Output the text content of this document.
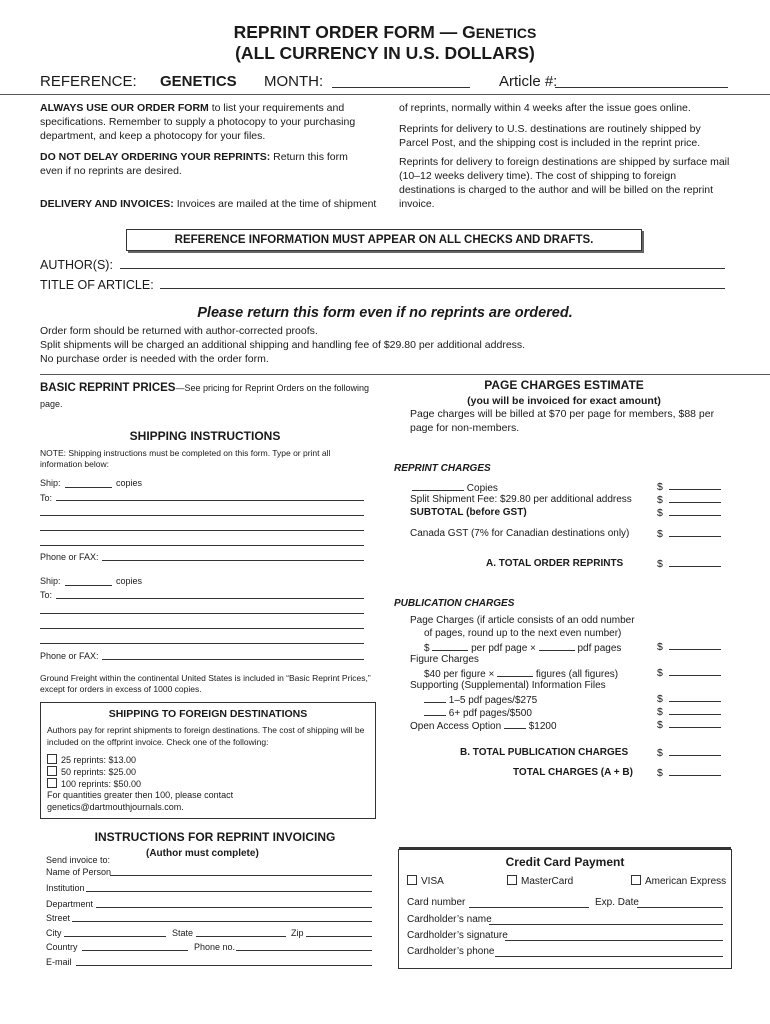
REPRINT ORDER FORM — GENETICS
(ALL CURRENCY IN U.S. DOLLARS)
REFERENCE: GENETICS MONTH:	Article #:
ALWAYS USE OUR ORDER FORM to list your requirements and specifications. Remember to supply a photocopy to your purchasing department, and keep a photocopy for your files.
DO NOT DELAY ORDERING YOUR REPRINTS: Return this form even if no reprints are desired.
DELIVERY AND INVOICES: Invoices are mailed at the time of shipment
of reprints, normally within 4 weeks after the issue goes online.
Reprints for delivery to U.S. destinations are routinely shipped by Parcel Post, and the shipping cost is included in the reprint price.
Reprints for delivery to foreign destinations are shipped by surface mail (10–12 weeks delivery time). The cost of shipping to foreign destinations is charged to the author and will be billed on the reprint invoice.
REFERENCE INFORMATION MUST APPEAR ON ALL CHECKS AND DRAFTS.
AUTHOR(S):
TITLE OF ARTICLE:
Please return this form even if no reprints are ordered.
Order form should be returned with author-corrected proofs.
Split shipments will be charged an additional shipping and handling fee of $29.80 per additional address.
No purchase order is needed with the order form.
BASIC REPRINT PRICES—See pricing for Reprint Orders on the following page.
SHIPPING INSTRUCTIONS
NOTE: Shipping instructions must be completed on this form. Type or print all information below:
Ship:	copies
To:
Phone or FAX:
Ship:	copies
To:
Phone or FAX:
Ground Freight within the continental United States is included in “Basic Reprint Prices,” except for orders in excess of 1000 copies.
SHIPPING TO FOREIGN DESTINATIONS
Authors pay for reprint shipments to foreign destinations. The cost of shipping will be included on the offprint invoice. Check one of the following:
25 reprints: $13.00
50 reprints: $25.00
100 reprints: $50.00
For quantities greater then 100, please contact
genetics@dartmouthjournals.com.
INSTRUCTIONS FOR REPRINT INVOICING
(Author must complete)
Send invoice to:
Name of Person
Institution
Department
Street
City	State	Zip
Country	Phone no.
E-mail
PAGE CHARGES ESTIMATE
(you will be invoiced for exact amount)
Page charges will be billed at $70 per page for members, $88 per page for non-members.
REPRINT CHARGES
Copies	$
Split Shipment Fee: $29.80 per additional address $
SUBTOTAL (before GST)	$
Canada GST (7% for Canadian destinations only)	$
A. TOTAL ORDER REPRINTS	$
PUBLICATION CHARGES
Page Charges (if article consists of an odd number
of pages, round up to the next even number)
$	per pdf page ×	pdf pages	$
Figure Charges
$40 per figure ×	figures (all figures)	$
Supporting (Supplemental) Information Files
1–5 pdf pages/$275	$
6+ pdf pages/$500	$
Open Access Option	$1200	$
B. TOTAL PUBLICATION CHARGES	$
TOTAL CHARGES (A + B) $
Credit Card Payment
VISA	MasterCard	American Express
Card number	Exp. Date
Cardholder’s name
Cardholder’s signature
Cardholder’s phone
